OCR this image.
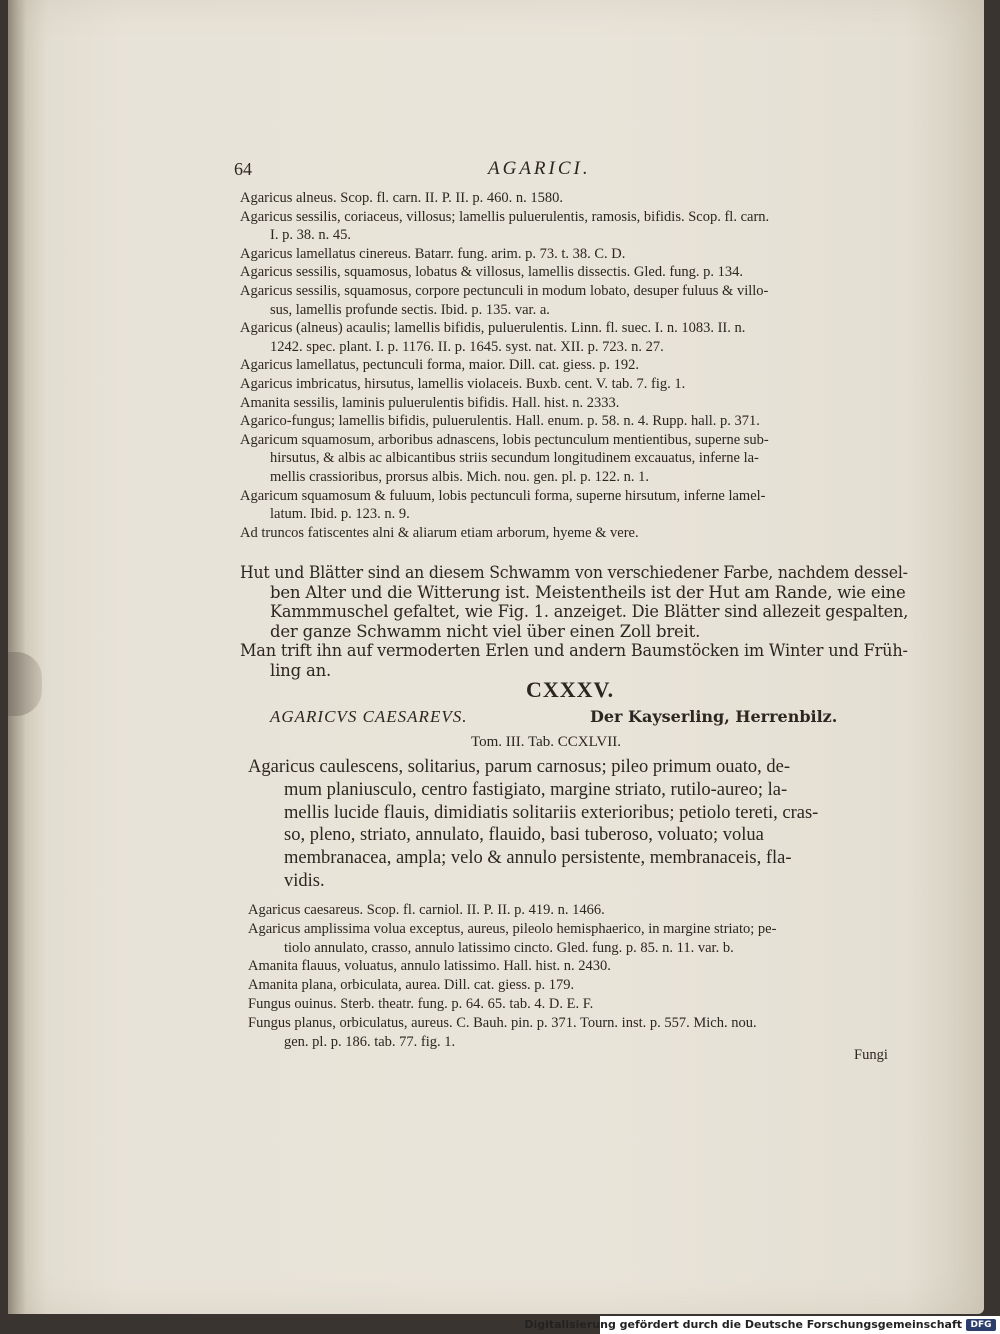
64	AGARICI.
Agaricus alneus. Scop. fl. carn. II. P. II. p. 460. n. 1580.
Agaricus sessilis, coriaceus, villosus; lamellis puluerulentis, ramosis, bifidis. Scop. fl. carn.
I. p. 38. n. 45.
Agaricus lamellatus cinereus. Batarr. fung. arim. p. 73. t. 38. C. D.
Agaricus sessilis, squamosus, lobatus & villosus, lamellis dissectis. Gled. fung. p. 134.
Agaricus sessilis, squamosus, corpore pectunculi in modum lobato, desuper fuluus & villo-
sus, lamellis profunde sectis. Ibid. p. 135. var. a.
Agaricus (alneus) acaulis; lamellis bifidis, puluerulentis. Linn. fl. suec. I. n. 1083. II. n.
1242. spec. plant. I. p. 1176. II. p. 1645. syst. nat. XII. p. 723. n. 27.
Agaricus lamellatus, pectunculi forma, maior. Dill. cat. giess. p. 192.
Agaricus imbricatus, hirsutus, lamellis violaceis. Buxb. cent. V. tab. 7. fig. 1.
Amanita sessilis, laminis puluerulentis bifidis. Hall. hist. n. 2333.
Agarico-fungus; lamellis bifidis, puluerulentis. Hall. enum. p. 58. n. 4. Rupp. hall. p. 371.
Agaricum squamosum, arboribus adnascens, lobis pectunculum mentientibus, superne sub-
hirsutus, & albis ac albicantibus striis secundum longitudinem excauatus, inferne la-
mellis crassioribus, prorsus albis. Mich. nou. gen. pl. p. 122. n. 1.
Agaricum squamosum & fuluum, lobis pectunculi forma, superne hirsutum, inferne lamel-
latum. Ibid. p. 123. n. 9.
Ad truncos fatiscentes alni & aliarum etiam arborum, hyeme & vere.
Hut und Blätter sind an diesem Schwamm von verschiedener Farbe, nachdem dessel-
ben Alter und die Witterung ist. Meistentheils ist der Hut am Rande, wie eine
Kammmuschel gefaltet, wie Fig. 1. anzeiget. Die Blätter sind allezeit gespalten,
der ganze Schwamm nicht viel über einen Zoll breit.
Man trift ihn auf vermoderten Erlen und andern Baumstöcken im Winter und Früh-
ling an.
CXXXV.
AGARICVS CAESAREVS.	Der Kayserling, Herrenbilz.
Tom. III. Tab. CCXLVII.
Agaricus caulescens, solitarius, parum carnosus; pileo primum ouato, de-
mum planiusculo, centro fastigiato, margine striato, rutilo-aureo; la-
mellis lucide flauis, dimidiatis solitariis exterioribus; petiolo tereti, cras-
so, pleno, striato, annulato, flauido, basi tuberoso, voluato; volua
membranacea, ampla; velo & annulo persistente, membranaceis, fla-
vidis.
Agaricus caesareus. Scop. fl. carniol. II. P. II. p. 419. n. 1466.
Agaricus amplissima volua exceptus, aureus, pileolo hemisphaerico, in margine striato; pe-
tiolo annulato, crasso, annulo latissimo cincto. Gled. fung. p. 85. n. 11. var. b.
Amanita flauus, voluatus, annulo latissimo. Hall. hist. n. 2430.
Amanita plana, orbiculata, aurea. Dill. cat. giess. p. 179.
Fungus ouinus. Sterb. theatr. fung. p. 64. 65. tab. 4. D. E. F.
Fungus planus, orbiculatus, aureus. C. Bauh. pin. p. 371. Tourn. inst. p. 557. Mich. nou.
gen. pl. p. 186. tab. 77. fig. 1.
Fungi
Digitalisierung gefördert durch die Deutsche Forschungsgemeinschaft DFG
